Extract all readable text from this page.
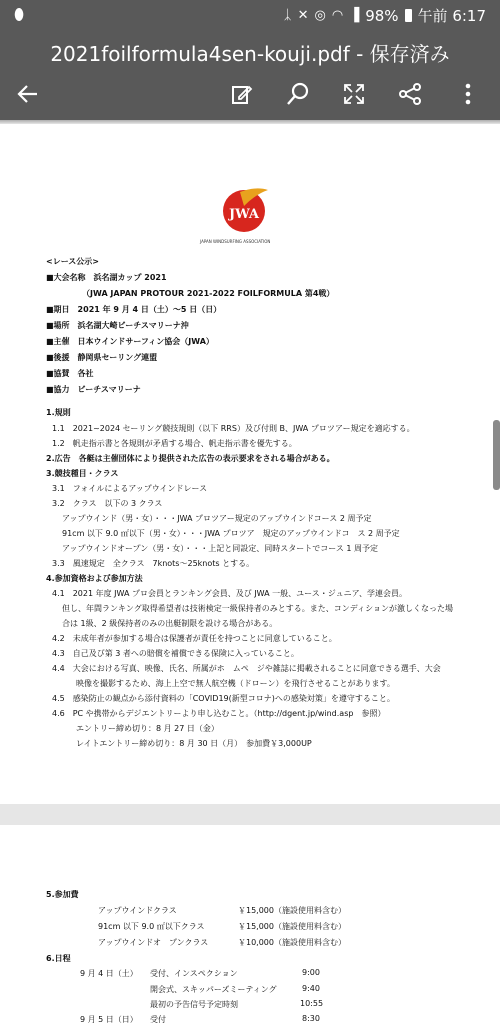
⬮	ᛣ ✕ ◎ ◠ ▐ 98% 午前 6:17
2021foilformula4sen-kouji.pdf - 保存済み
JWA
JAPAN WINDSURFING ASSOCIATION
<レース公示>
■大会名称　浜名湖カップ 2021
（JWA JAPAN PROTOUR 2021-2022 FOILFORMULA 第4戦）
■期日　2021 年 9 月 4 日（土）～5 日（日）
■場所　浜名湖大崎ビーチスマリーナ沖
■主催　日本ウインドサーフィン協会（JWA）
■後援　静岡県セーリング連盟
■協賛　各社
■協力　ビーチスマリーナ
1.規則
1.1　2021~2024 セーリング競技規則（以下 RRS）及び付則 B、JWA プロツアー規定を適応する。
1.2　帆走指示書と各規則が矛盾する場合、帆走指示書を優先する。
2.広告　各艇は主催団体により提供された広告の表示要求をされる場合がある。
3.競技種目・クラス
3.1　フォイルによるアップウインドレース
3.2　クラス　以下の 3 クラス
アップウインド（男・女）・・・JWA プロツアー規定のアップウインドコース 2 周予定
91cm 以下 9.0 ㎡以下（男・女）・・・JWA プロツア　規定のアップウインドコ　ス 2 周予定
アップウインドオープン（男・女）・・・上記と同設定、同時スタートでコース 1 周予定
3.3　風速規定　全クラス　7knots～25knots とする。
4.参加資格および参加方法
4.1　2021 年度 JWA プロ会員とランキング会員、及び JWA 一般、ユース・ジュニア、学連会員。
但し、年間ランキング取得希望者は技術検定一級保持者のみとする。また、コンディションが激しくなった場
合は 1級、2 級保持者のみの出艇制限を設ける場合がある。
4.2　未成年者が参加する場合は保護者が責任を持つことに同意していること。
4.3　自己及び第 3 者への賠償を補償できる保険に入っていること。
4.4　大会における写真、映像、氏名、所属がホ　ムペ　ジや雑誌に掲載されることに同意できる選手、大会
映像を撮影するため、海上上空で無人航空機（ドローン）を飛行させることがあります。
4.5　感染防止の観点から添付資料の「COVID19(新型コロナ)への感染対策」を遵守すること。
4.6　PC や携帯からデジエントリーより申し込むこと。（http://dgent.jp/wind.asp　参照）
エントリー締め切り：8 月 27 日（金）
レイトエントリー締め切り：8 月 30 日（月）　参加費￥3,000UP
5.参加費
アップウインドクラス	￥15,000（施設使用料含む）
91cm 以下 9.0 ㎡以下クラス	￥15,000（施設使用料含む）
アップウインドオ　プンクラス	￥10,000（施設使用料含む）
6.日程
9 月 4 日（土） 受付、インスペクション	9:00
開会式、スキッパーズミーティング	9:40
最初の予告信号予定時刻	10:55
9 月 5 日（日） 受付	8:30
